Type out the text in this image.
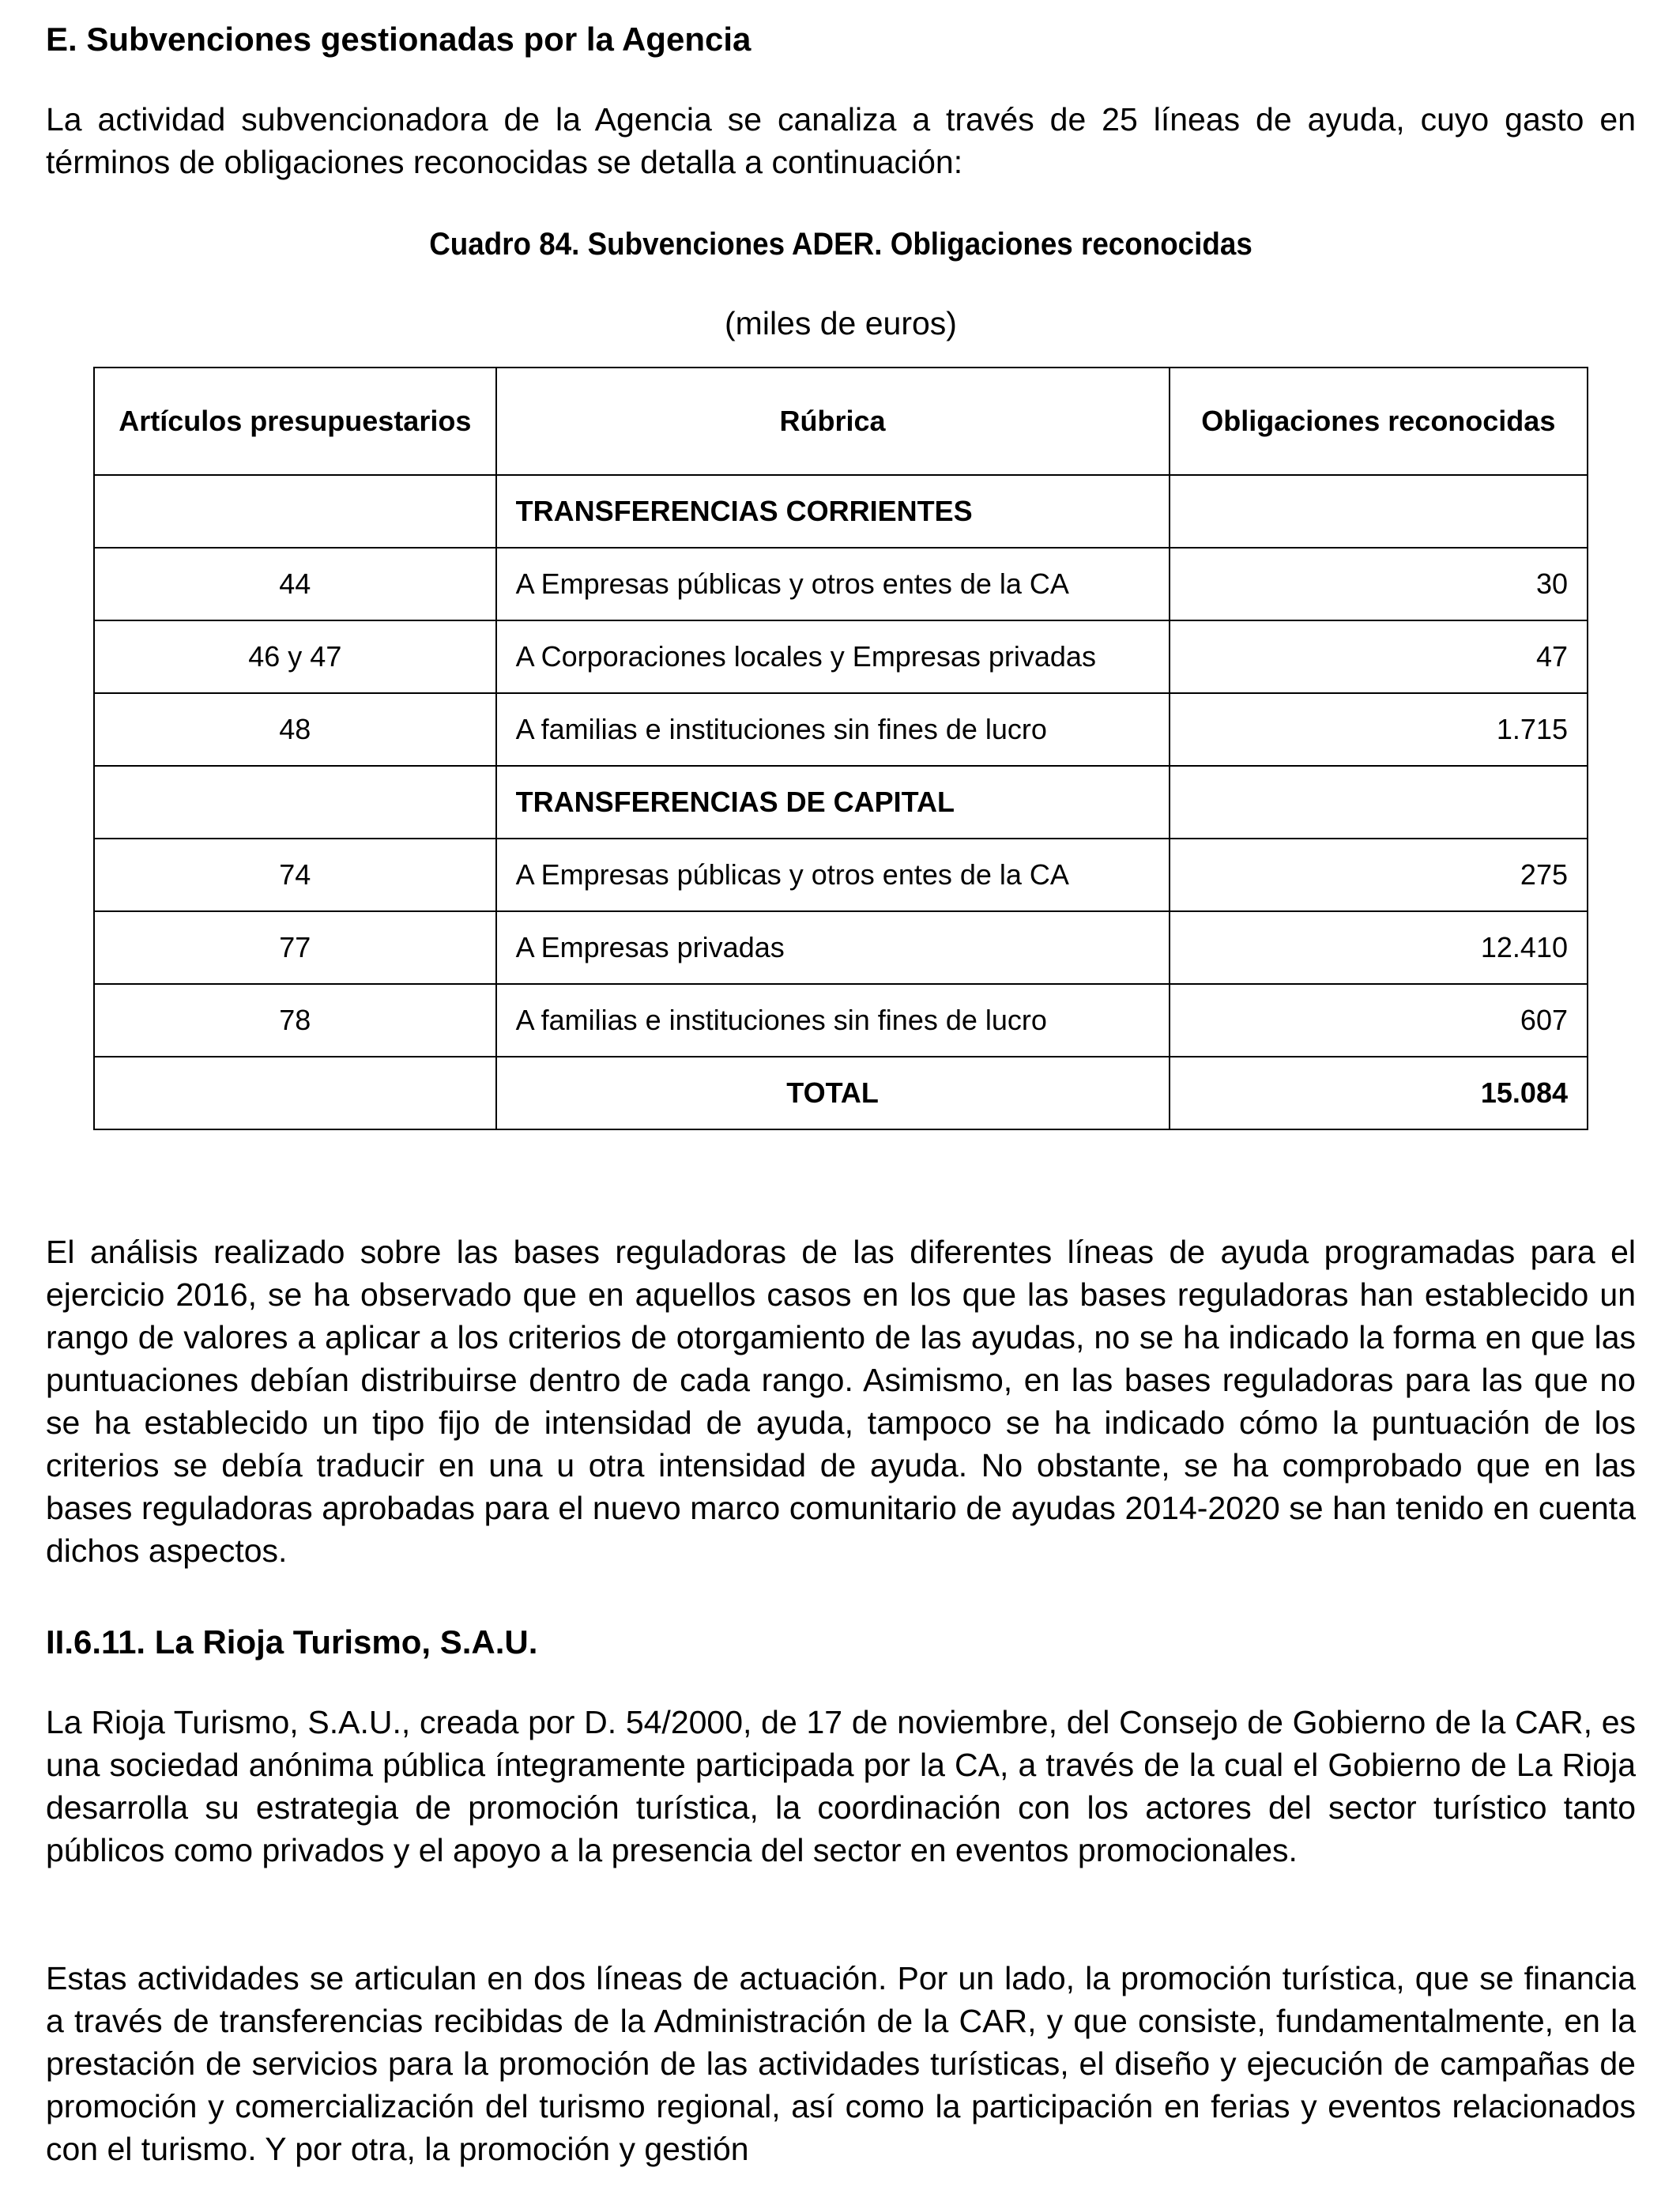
E. Subvenciones gestionadas por la Agencia

La actividad subvencionadora de la Agencia se canaliza a través de 25 líneas de ayuda, cuyo gasto en términos de obligaciones reconocidas se detalla a continuación:

Cuadro 84. Subvenciones ADER. Obligaciones reconocidas

(miles de euros)

Artículos presupuestarios	Rúbrica	Obligaciones reconocidas
	TRANSFERENCIAS CORRIENTES	
44	A Empresas públicas y otros entes de la CA	30
46 y 47	A Corporaciones locales y Empresas privadas	47
48	A familias e instituciones sin fines de lucro	1.715
	TRANSFERENCIAS DE CAPITAL	
74	A Empresas públicas y otros entes de la CA	275
77	A Empresas privadas	12.410
78	A familias e instituciones sin fines de lucro	607
	TOTAL	15.084

El análisis realizado sobre las bases reguladoras de las diferentes líneas de ayuda programadas para el ejercicio 2016, se ha observado que en aquellos casos en los que las bases reguladoras han establecido un rango de valores a aplicar a los criterios de otorgamiento de las ayudas, no se ha indicado la forma en que las puntuaciones debían distribuirse dentro de cada rango. Asimismo, en las bases reguladoras para las que no se ha establecido un tipo fijo de intensidad de ayuda, tampoco se ha indicado cómo la puntuación de los criterios se debía traducir en una u otra intensidad de ayuda. No obstante, se ha comprobado que en las bases reguladoras aprobadas para el nuevo marco comunitario de ayudas 2014-2020 se han tenido en cuenta dichos aspectos.

II.6.11. La Rioja Turismo, S.A.U.

La Rioja Turismo, S.A.U., creada por D. 54/2000, de 17 de noviembre, del Consejo de Gobierno de la CAR, es una sociedad anónima pública íntegramente participada por la CA, a través de la cual el Gobierno de La Rioja desarrolla su estrategia de promoción turística, la coordinación con los actores del sector turístico tanto públicos como privados y el apoyo a la presencia del sector en eventos promocionales.

Estas actividades se articulan en dos líneas de actuación. Por un lado, la promoción turística, que se financia a través de transferencias recibidas de la Administración de la CAR, y que consiste, fundamentalmente, en la prestación de servicios para la promoción de las actividades turísticas, el diseño y ejecución de campañas de promoción y comercialización del turismo regional, así como la participación en ferias y eventos relacionados con el turismo. Y por otra, la promoción y gestión
